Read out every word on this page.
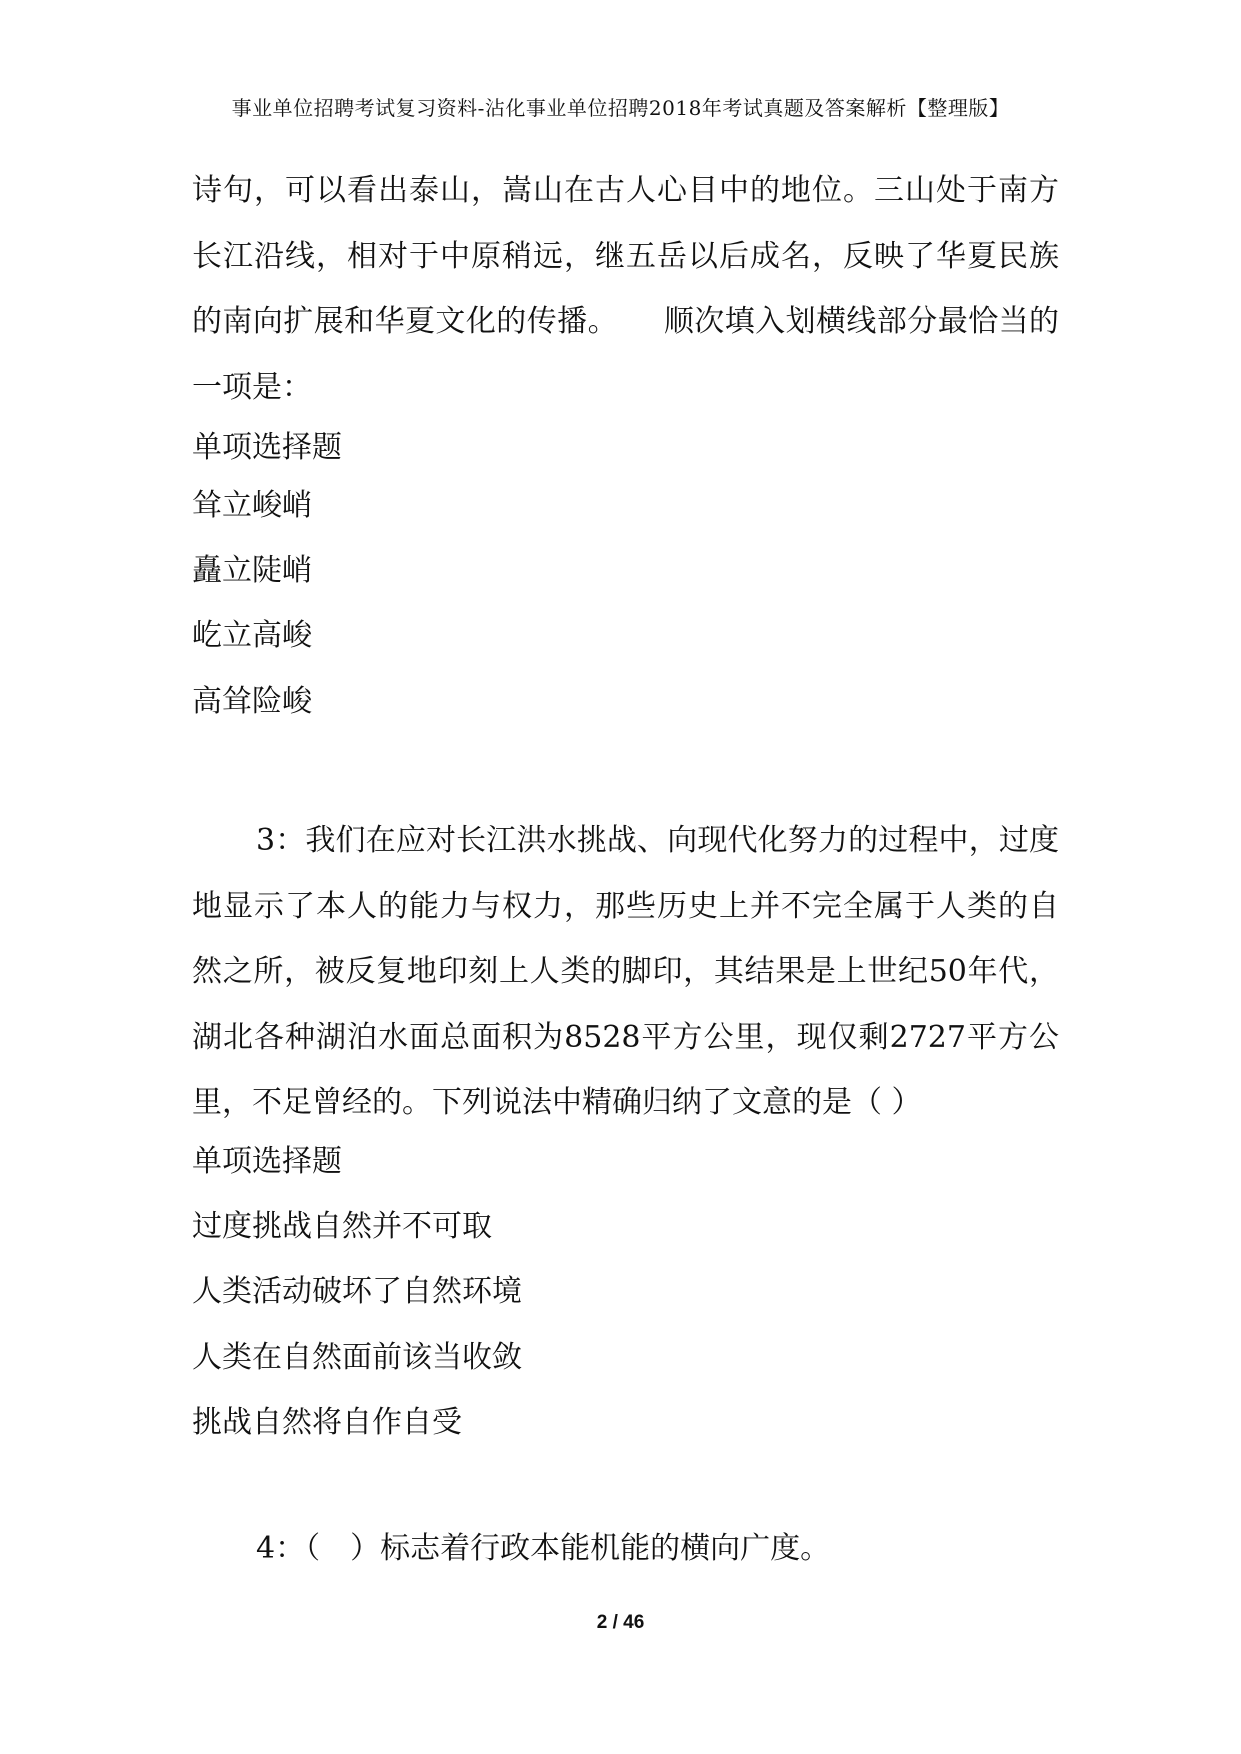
事业单位招聘考试复习资料-沾化事业单位招聘2018年考试真题及答案解析【整理版】
诗句，可以看出泰山，嵩山在古人心目中的地位。三山处于南方长江沿线，相对于中原稍远，继五岳以后成名，反映了华夏民族的南向扩展和华夏文化的传播。　　顺次填入划横线部分最恰当的一项是：
单项选择题
耸立峻峭
矗立陡峭
屹立高峻
高耸险峻
3：我们在应对长江洪水挑战、向现代化努力的过程中，过度地显示了本人的能力与权力，那些历史上并不完全属于人类的自然之所，被反复地印刻上人类的脚印，其结果是上世纪50年代，湖北各种湖泊水面总面积为8528平方公里，现仅剩2727平方公里，不足曾经的。下列说法中精确归纳了文意的是（ ）
单项选择题
过度挑战自然并不可取
人类活动破坏了自然环境
人类在自然面前该当收敛
挑战自然将自作自受
4：（　）标志着行政本能机能的横向广度。
2 / 46
